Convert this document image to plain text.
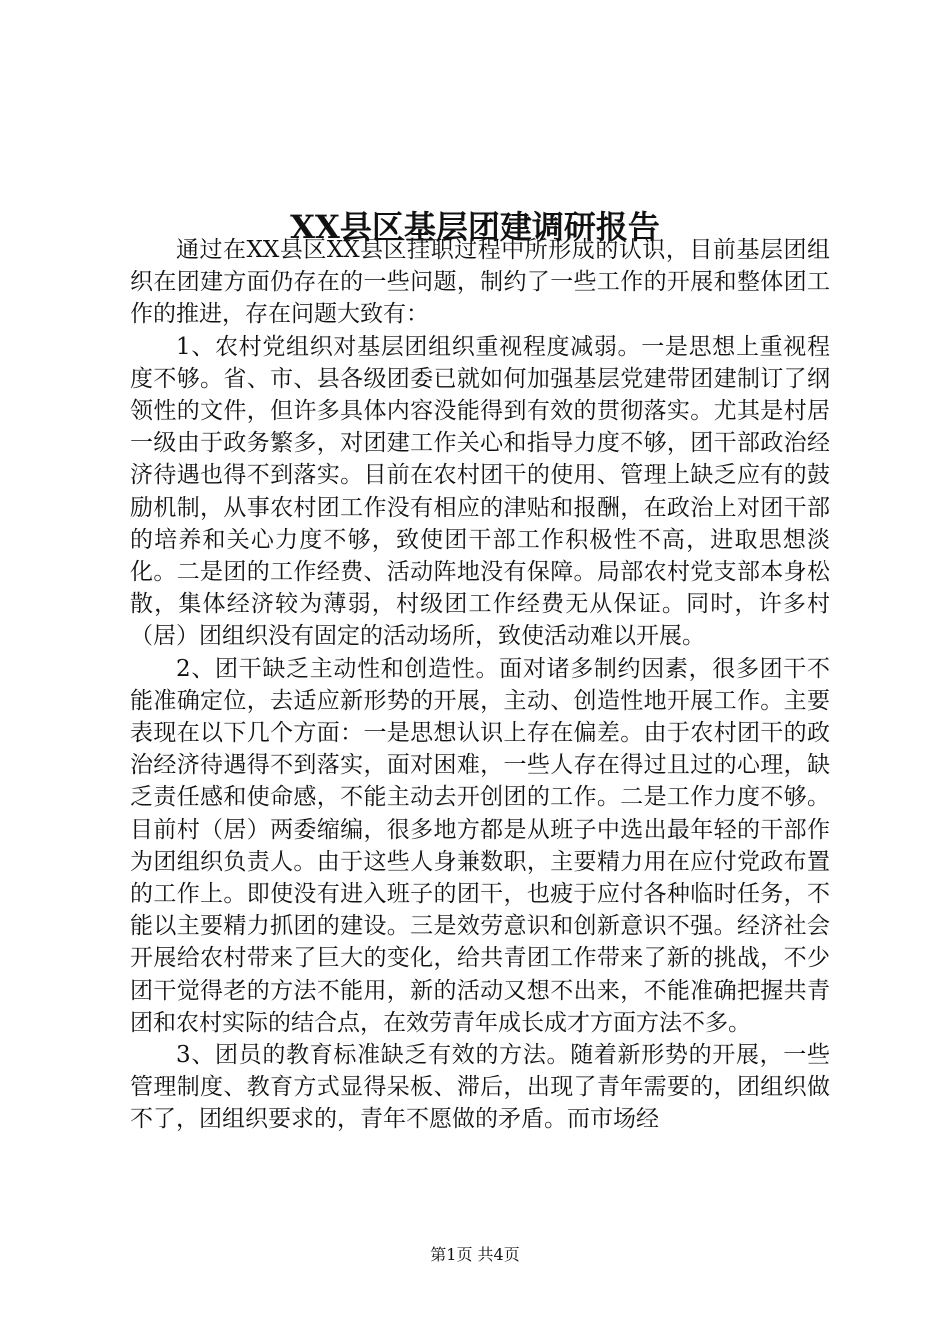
XX县区基层团建调研报告

通过在XX县区XX县区挂职过程中所形成的认识，目前基层团组织在团建方面仍存在的一些问题，制约了一些工作的开展和整体团工作的推进，存在问题大致有：

1、农村党组织对基层团组织重视程度减弱。一是思想上重视程度不够。省、市、县各级团委已就如何加强基层党建带团建制订了纲领性的文件，但许多具体内容没能得到有效的贯彻落实。尤其是村居一级由于政务繁多，对团建工作关心和指导力度不够，团干部政治经济待遇也得不到落实。目前在农村团干的使用、管理上缺乏应有的鼓励机制，从事农村团工作没有相应的津贴和报酬，在政治上对团干部的培养和关心力度不够，致使团干部工作积极性不高，进取思想淡化。二是团的工作经费、活动阵地没有保障。局部农村党支部本身松散，集体经济较为薄弱，村级团工作经费无从保证。同时，许多村（居）团组织没有固定的活动场所，致使活动难以开展。

2、团干缺乏主动性和创造性。面对诸多制约因素，很多团干不能准确定位，去适应新形势的开展，主动、创造性地开展工作。主要表现在以下几个方面：一是思想认识上存在偏差。由于农村团干的政治经济待遇得不到落实，面对困难，一些人存在得过且过的心理，缺乏责任感和使命感，不能主动去开创团的工作。二是工作力度不够。目前村（居）两委缩编，很多地方都是从班子中选出最年轻的干部作为团组织负责人。由于这些人身兼数职，主要精力用在应付党政布置的工作上。即使没有进入班子的团干，也疲于应付各种临时任务，不能以主要精力抓团的建设。三是效劳意识和创新意识不强。经济社会开展给农村带来了巨大的变化，给共青团工作带来了新的挑战，不少团干觉得老的方法不能用，新的活动又想不出来，不能准确把握共青团和农村实际的结合点，在效劳青年成长成才方面方法不多。

3、团员的教育标准缺乏有效的方法。随着新形势的开展，一些管理制度、教育方式显得呆板、滞后，出现了青年需要的，团组织做不了，团组织要求的，青年不愿做的矛盾。而市场经

第1页 共4页
